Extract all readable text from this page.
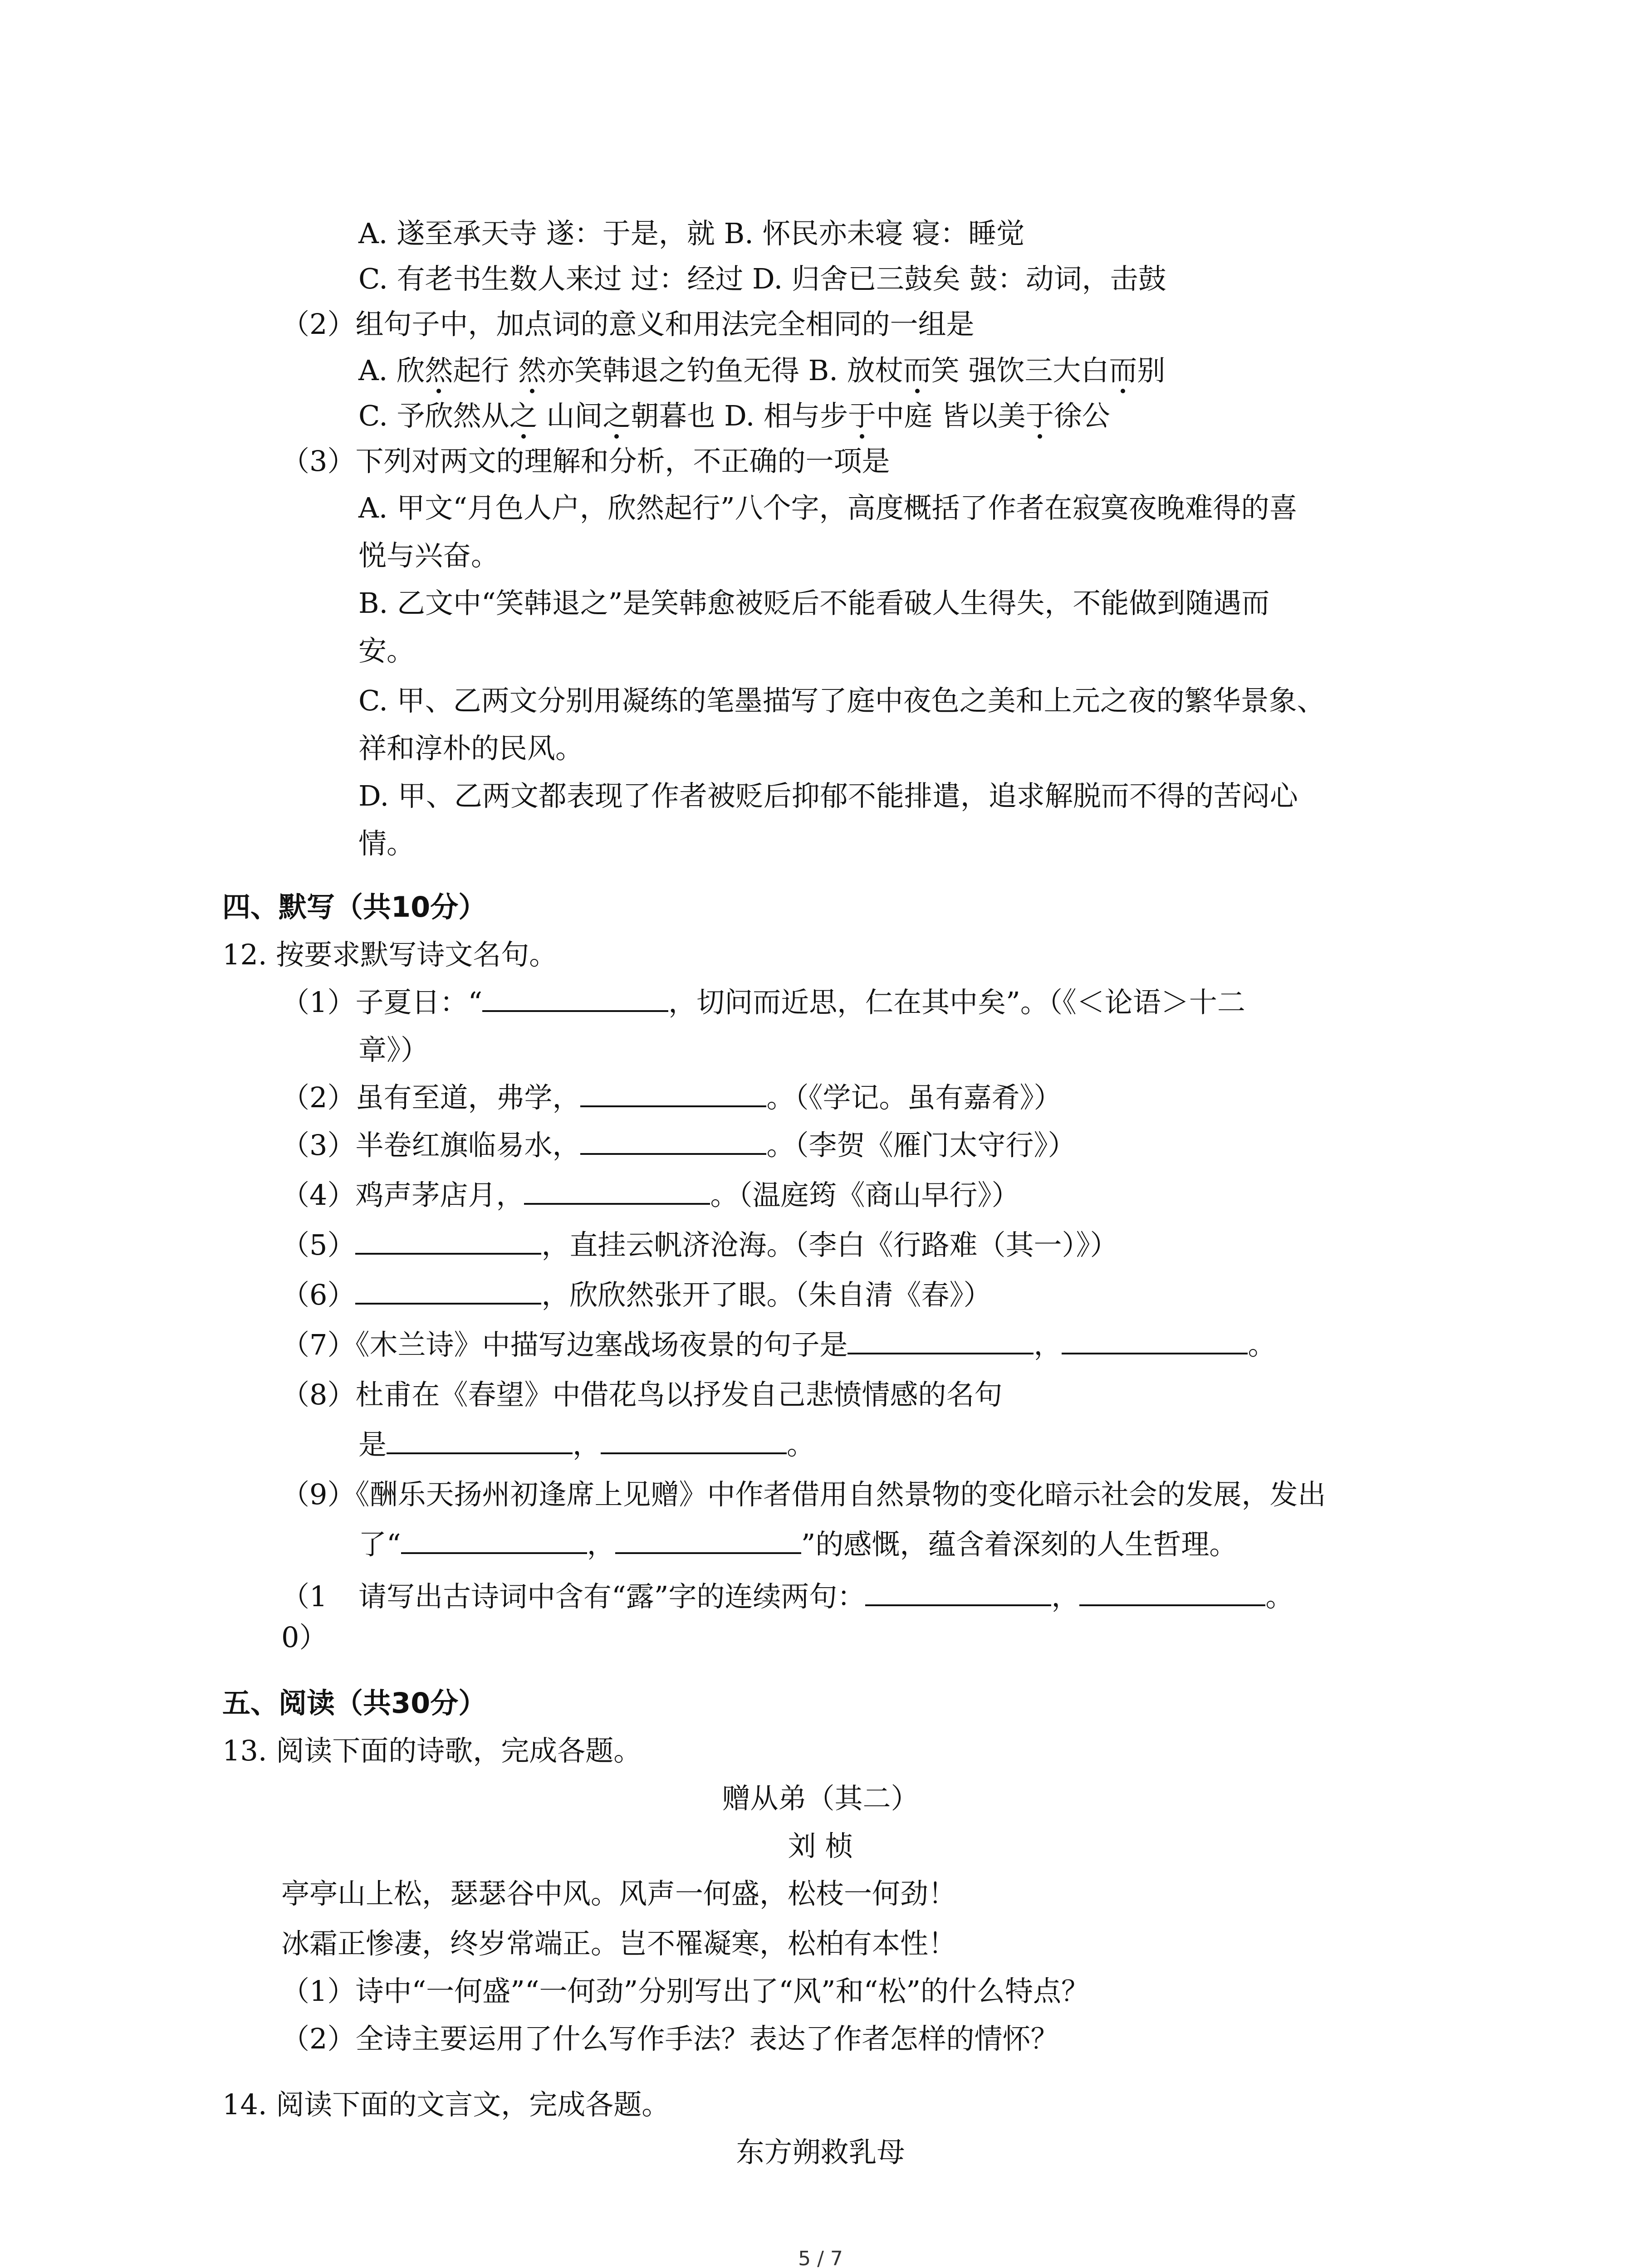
A. 遂至承天寺 遂：于是，就 B. 怀民亦未寝 寝：睡觉
C. 有老书生数人来过 过：经过 D. 归舍已三鼓矣 鼓：动词，击鼓
（2）组句子中，加点词的意义和用法完全相同的一组是
A. 欣然起行 然亦笑韩退之钓鱼无得 B. 放杖而笑 强饮三大白而别
C. 予欣然从之 山间之朝暮也 D. 相与步于中庭 皆以美于徐公
（3）下列对两文的理解和分析，不正确的一项是
A. 甲文“月色人户，欣然起行”八个字，高度概括了作者在寂寞夜晚难得的喜
悦与兴奋。
B. 乙文中“笑韩退之”是笑韩愈被贬后不能看破人生得失，不能做到随遇而
安。
C. 甲、乙两文分别用凝练的笔墨描写了庭中夜色之美和上元之夜的繁华景象、
祥和淳朴的民风。
D. 甲、乙两文都表现了作者被贬后抑郁不能排遣，追求解脱而不得的苦闷心
情。
四、默写（共10分）
12. 按要求默写诗文名句。
（1）子夏日：“	，切问而近思，仁在其中矣”。（《＜论语＞十二
章》）
（2）虽有至道，弗学，	。（《学记。虽有嘉肴》）
（3）半卷红旗临易水，	。（李贺《雁门太守行》）
（4）鸡声茅店月，	。（温庭筠《商山早行》）
（5）	，直挂云帆济沧海。（李白《行路难（其一）》）
（6）	，欣欣然张开了眼。（朱自清《春》）
（7）《木兰诗》中描写边塞战场夜景的句子是	，	。
（8）杜甫在《春望》中借花鸟以抒发自己悲愤情感的名句
是	，	。
（9）《酬乐天扬州初逢席上见赠》中作者借用自然景物的变化暗示社会的发展，发出
了“	，	”的感慨，蕴含着深刻的人生哲理。
（1
0）
请写出古诗词中含有“露”字的连续两句：	，	。
五、阅读（共30分）
13. 阅读下面的诗歌，完成各题。
赠从弟（其二）
刘 桢
亭亭山上松，瑟瑟谷中风。风声一何盛，松枝一何劲！
冰霜正惨凄，终岁常端正。岂不罹凝寒，松柏有本性！
（1）诗中“一何盛”“一何劲”分别写出了“风”和“松”的什么特点？
（2）全诗主要运用了什么写作手法？表达了作者怎样的情怀？
14. 阅读下面的文言文，完成各题。
东方朔救乳母
5 / 7
